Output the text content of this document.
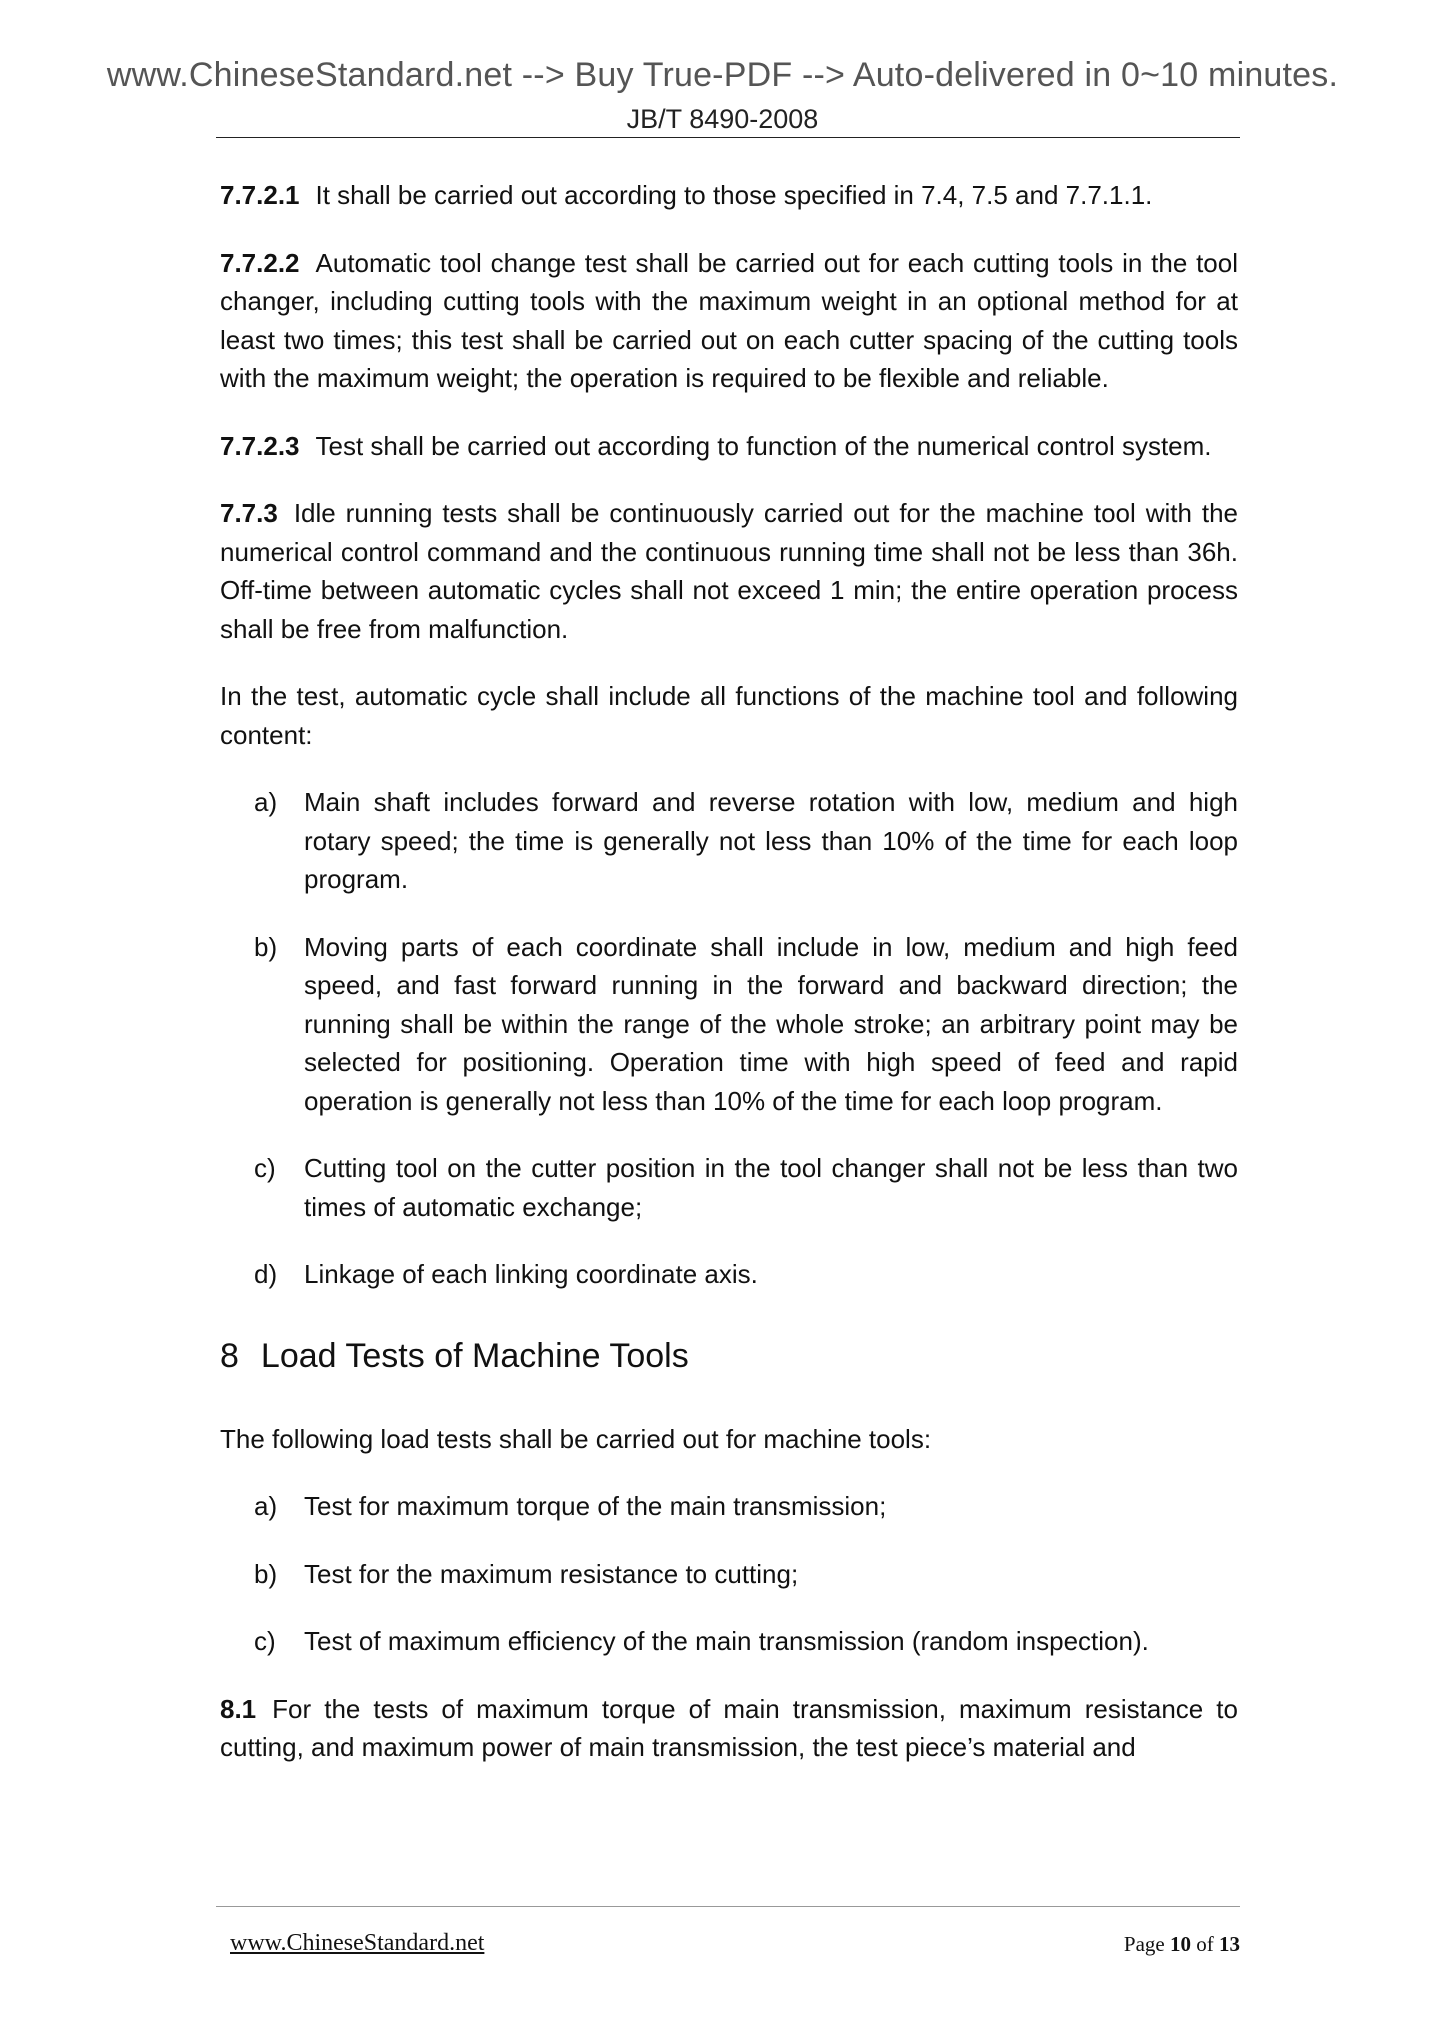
www.ChineseStandard.net --> Buy True-PDF --> Auto-delivered in 0~10 minutes.
JB/T 8490-2008

7.7.2.1 It shall be carried out according to those specified in 7.4, 7.5 and 7.7.1.1.

7.7.2.2 Automatic tool change test shall be carried out for each cutting tools in the tool changer, including cutting tools with the maximum weight in an optional method for at least two times; this test shall be carried out on each cutter spacing of the cutting tools with the maximum weight; the operation is required to be flexible and reliable.

7.7.2.3 Test shall be carried out according to function of the numerical control system.

7.7.3 Idle running tests shall be continuously carried out for the machine tool with the numerical control command and the continuous running time shall not be less than 36h. Off-time between automatic cycles shall not exceed 1 min; the entire operation process shall be free from malfunction.

In the test, automatic cycle shall include all functions of the machine tool and following content:

a)	Main shaft includes forward and reverse rotation with low, medium and high rotary speed; the time is generally not less than 10% of the time for each loop program.
b)	Moving parts of each coordinate shall include in low, medium and high feed speed, and fast forward running in the forward and backward direction; the running shall be within the range of the whole stroke; an arbitrary point may be selected for positioning. Operation time with high speed of feed and rapid operation is generally not less than 10% of the time for each loop program.
c)	Cutting tool on the cutter position in the tool changer shall not be less than two times of automatic exchange;
d)	Linkage of each linking coordinate axis.
8 Load Tests of Machine Tools

The following load tests shall be carried out for machine tools:

a)	Test for maximum torque of the main transmission;
b)	Test for the maximum resistance to cutting;
c)	Test of maximum efficiency of the main transmission (random inspection).

8.1 For the tests of maximum torque of main transmission, maximum resistance to cutting, and maximum power of main transmission, the test piece’s material and

www.ChineseStandard.net	Page 10 of 13
